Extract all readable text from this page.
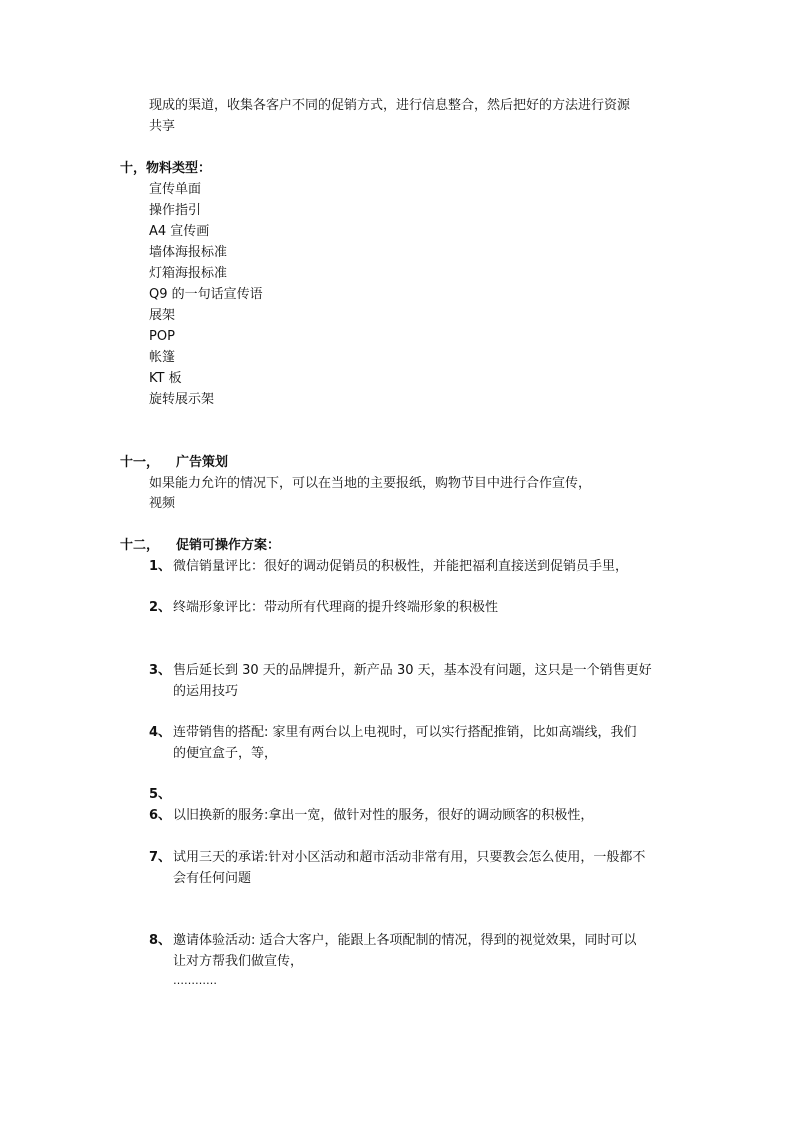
现成的渠道，收集各客户不同的促销方式，进行信息整合，然后把好的方法进行资源
共享
十，物料类型：
宣传单面
操作指引
A4 宣传画
墙体海报标准
灯箱海报标准
Q9 的一句话宣传语
展架
POP
帐篷
KT 板
旋转展示架
十一， 广告策划
如果能力允许的情况下，可以在当地的主要报纸，购物节目中进行合作宣传，
视频
十二， 促销可操作方案：
1、 微信销量评比：很好的调动促销员的积极性，并能把福利直接送到促销员手里，
2、 终端形象评比：带动所有代理商的提升终端形象的积极性
3、 售后延长到 30 天的品牌提升，新产品 30 天，基本没有问题，这只是一个销售更好
的运用技巧
4、 连带销售的搭配: 家里有两台以上电视时，可以实行搭配推销，比如高端线，我们
的便宜盒子，等，
5、
6、 以旧换新的服务:拿出一宽，做针对性的服务，很好的调动顾客的积极性，
7、 试用三天的承诺:针对小区活动和超市活动非常有用，只要教会怎么使用，一般都不
会有任何问题
8、 邀请体验活动: 适合大客户，能跟上各项配制的情况，得到的视觉效果，同时可以
让对方帮我们做宣传，
…………
